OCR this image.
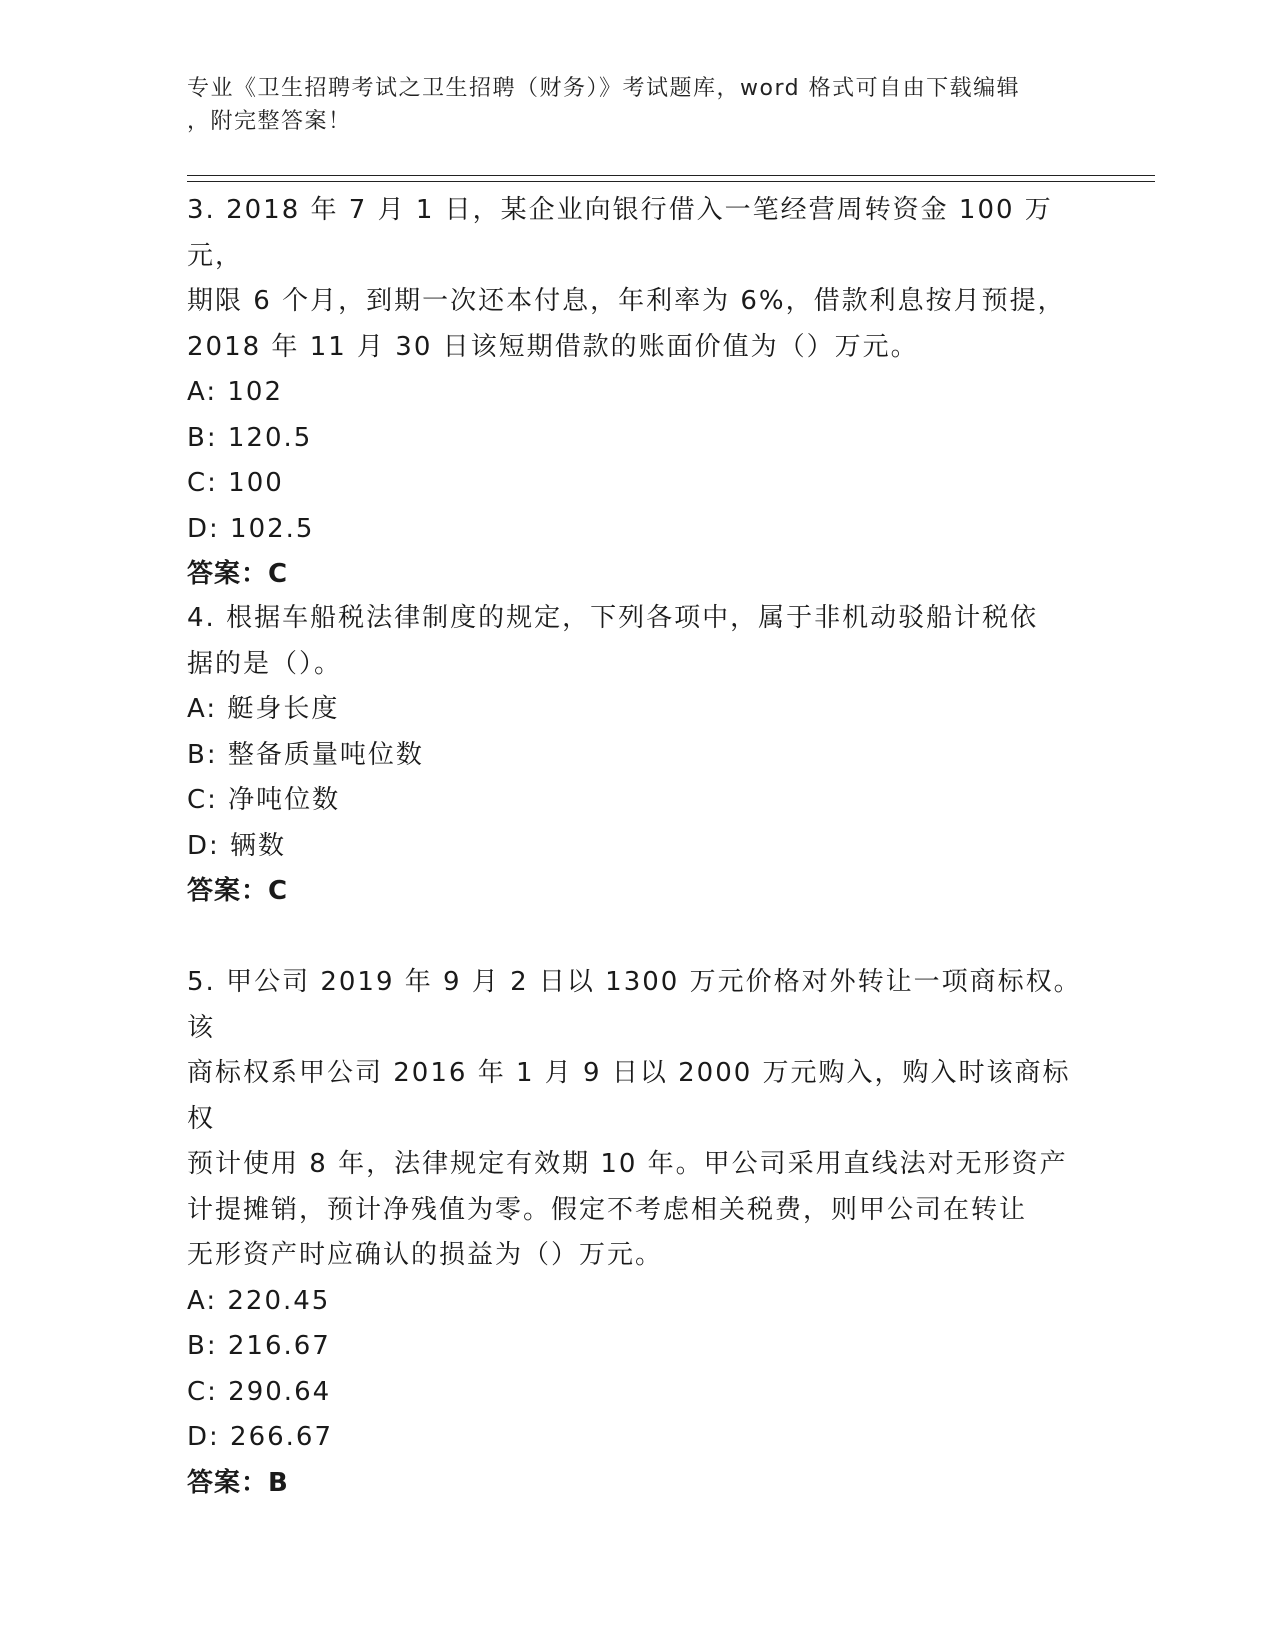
专业《卫生招聘考试之卫生招聘（财务）》考试题库，word 格式可自由下载编辑
，附完整答案！
3. 2018 年 7 月 1 日，某企业向银行借入一笔经营周转资金 100 万元，
期限 6 个月，到期一次还本付息，年利率为 6%，借款利息按月预提，
2018 年 11 月 30 日该短期借款的账面价值为（）万元。
A: 102
B: 120.5
C: 100
D: 102.5
答案：C
4. 根据车船税法律制度的规定，下列各项中，属于非机动驳船计税依
据的是（）。
A: 艇身长度
B: 整备质量吨位数
C: 净吨位数
D: 辆数
答案：C
5. 甲公司 2019 年 9 月 2 日以 1300 万元价格对外转让一项商标权。该
商标权系甲公司 2016 年 1 月 9 日以 2000 万元购入，购入时该商标权
预计使用 8 年，法律规定有效期 10 年。甲公司采用直线法对无形资产
计提摊销，预计净残值为零。假定不考虑相关税费，则甲公司在转让
无形资产时应确认的损益为（）万元。
A: 220.45
B: 216.67
C: 290.64
D: 266.67
答案：B
